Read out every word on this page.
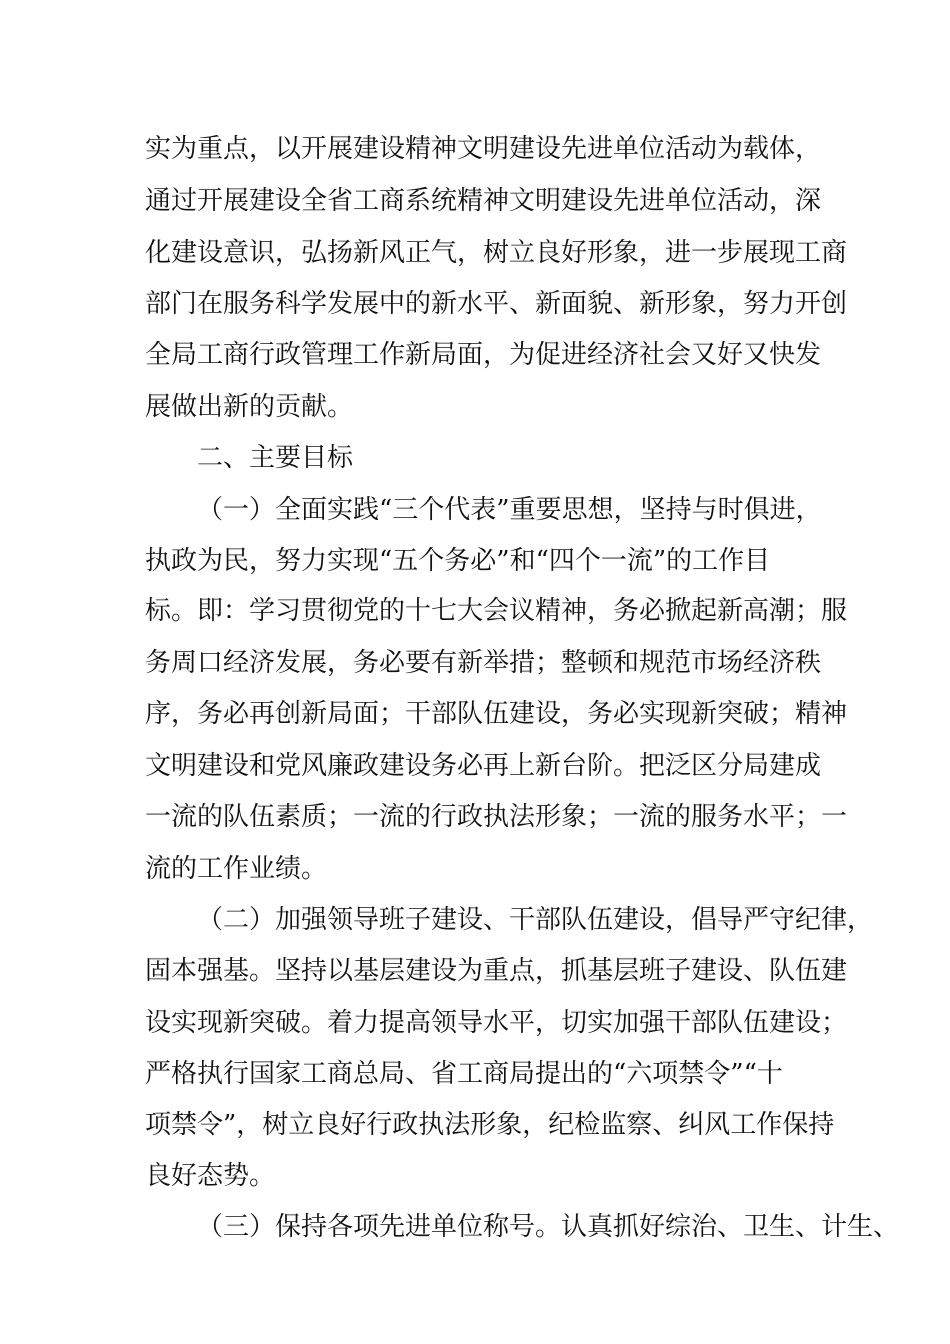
实为重点，以开展建设精神文明建设先进单位活动为载体，
通过开展建设全省工商系统精神文明建设先进单位活动，深
化建设意识，弘扬新风正气，树立良好形象，进一步展现工商
部门在服务科学发展中的新水平、新面貌、新形象，努力开创
全局工商行政管理工作新局面，为促进经济社会又好又快发
展做出新的贡献。
二、主要目标
（一）全面实践“三个代表”重要思想，坚持与时俱进，
执政为民，努力实现“五个务必”和“四个一流”的工作目
标。即：学习贯彻党的十七大会议精神，务必掀起新高潮；服
务周口经济发展，务必要有新举措；整顿和规范市场经济秩
序，务必再创新局面；干部队伍建设，务必实现新突破；精神
文明建设和党风廉政建设务必再上新台阶。把泛区分局建成
一流的队伍素质；一流的行政执法形象；一流的服务水平；一
流的工作业绩。
（二）加强领导班子建设、干部队伍建设，倡导严守纪律，
固本强基。坚持以基层建设为重点，抓基层班子建设、队伍建
设实现新突破。着力提高领导水平，切实加强干部队伍建设；
严格执行国家工商总局、省工商局提出的“六项禁令”“十
项禁令”，树立良好行政执法形象，纪检监察、纠风工作保持
良好态势。
（三）保持各项先进单位称号。认真抓好综治、卫生、计生、
